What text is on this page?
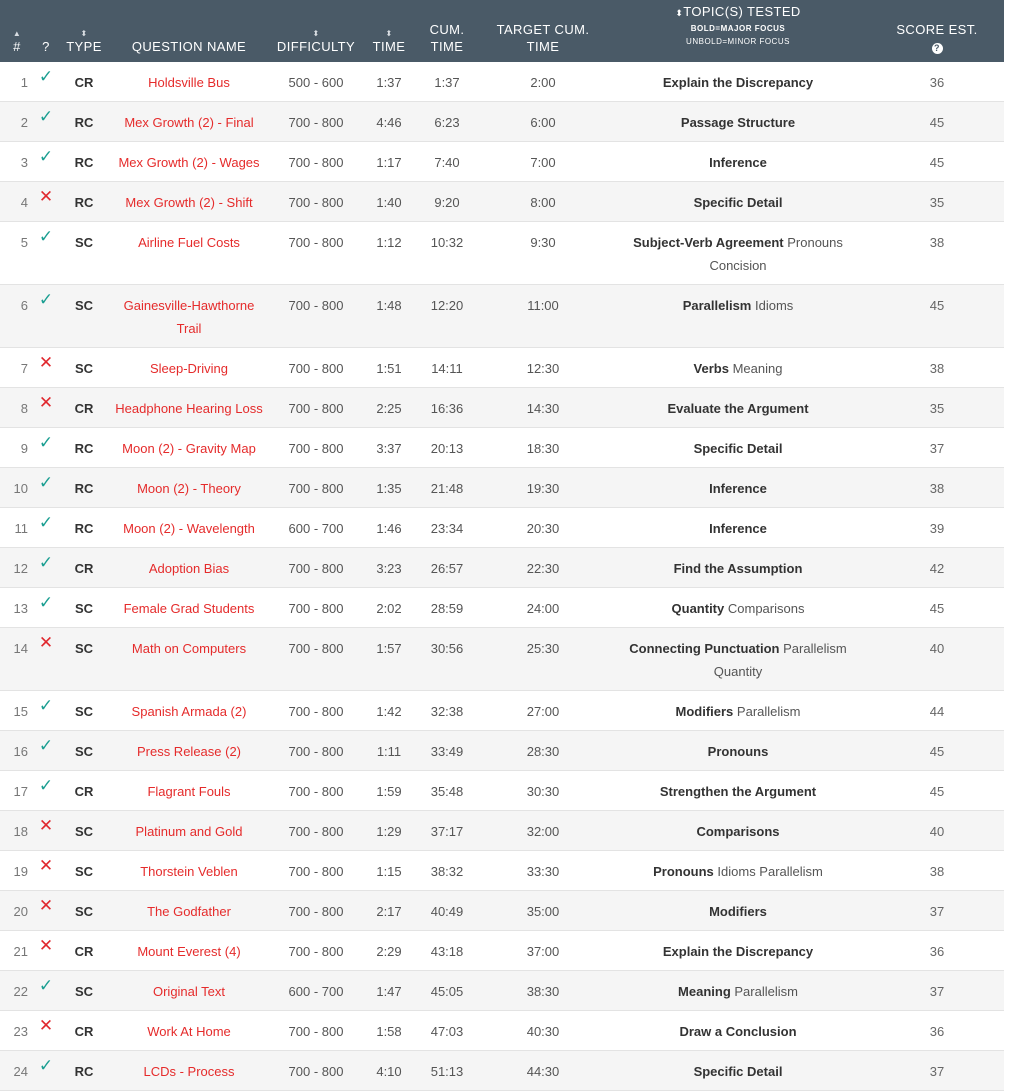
▲
#	?	⬍
TYPE	QUESTION NAME	⬍
DIFFICULTY	⬍
TIME	CUM. TIME	TARGET CUM. TIME	⬍TOPIC(S) TESTED
BOLD=MAJOR FOCUS
UNBOLD=MINOR FOCUS	SCORE EST.
?
1	✓	CR	Holdsville Bus	500 - 600	1:37	1:37	2:00	Explain the Discrepancy	36
2	✓	RC	Mex Growth (2) - Final	700 - 800	4:46	6:23	6:00	Passage Structure	45
3	✓	RC	Mex Growth (2) - Wages	700 - 800	1:17	7:40	7:00	Inference	45
4	✕	RC	Mex Growth (2) - Shift	700 - 800	1:40	9:20	8:00	Specific Detail	35
5	✓	SC	Airline Fuel Costs	700 - 800	1:12	10:32	9:30	Subject-Verb Agreement Pronouns Concision	38
6	✓	SC	Gainesville-Hawthorne Trail	700 - 800	1:48	12:20	11:00	Parallelism Idioms	45
7	✕	SC	Sleep-Driving	700 - 800	1:51	14:11	12:30	Verbs Meaning	38
8	✕	CR	Headphone Hearing Loss	700 - 800	2:25	16:36	14:30	Evaluate the Argument	35
9	✓	RC	Moon (2) - Gravity Map	700 - 800	3:37	20:13	18:30	Specific Detail	37
10	✓	RC	Moon (2) - Theory	700 - 800	1:35	21:48	19:30	Inference	38
11	✓	RC	Moon (2) - Wavelength	600 - 700	1:46	23:34	20:30	Inference	39
12	✓	CR	Adoption Bias	700 - 800	3:23	26:57	22:30	Find the Assumption	42
13	✓	SC	Female Grad Students	700 - 800	2:02	28:59	24:00	Quantity Comparisons	45
14	✕	SC	Math on Computers	700 - 800	1:57	30:56	25:30	Connecting Punctuation Parallelism Quantity	40
15	✓	SC	Spanish Armada (2)	700 - 800	1:42	32:38	27:00	Modifiers Parallelism	44
16	✓	SC	Press Release (2)	700 - 800	1:11	33:49	28:30	Pronouns	45
17	✓	CR	Flagrant Fouls	700 - 800	1:59	35:48	30:30	Strengthen the Argument	45
18	✕	SC	Platinum and Gold	700 - 800	1:29	37:17	32:00	Comparisons	40
19	✕	SC	Thorstein Veblen	700 - 800	1:15	38:32	33:30	Pronouns Idioms Parallelism	38
20	✕	SC	The Godfather	700 - 800	2:17	40:49	35:00	Modifiers	37
21	✕	CR	Mount Everest (4)	700 - 800	2:29	43:18	37:00	Explain the Discrepancy	36
22	✓	SC	Original Text	600 - 700	1:47	45:05	38:30	Meaning Parallelism	37
23	✕	CR	Work At Home	700 - 800	1:58	47:03	40:30	Draw a Conclusion	36
24	✓	RC	LCDs - Process	700 - 800	4:10	51:13	44:30	Specific Detail	37
